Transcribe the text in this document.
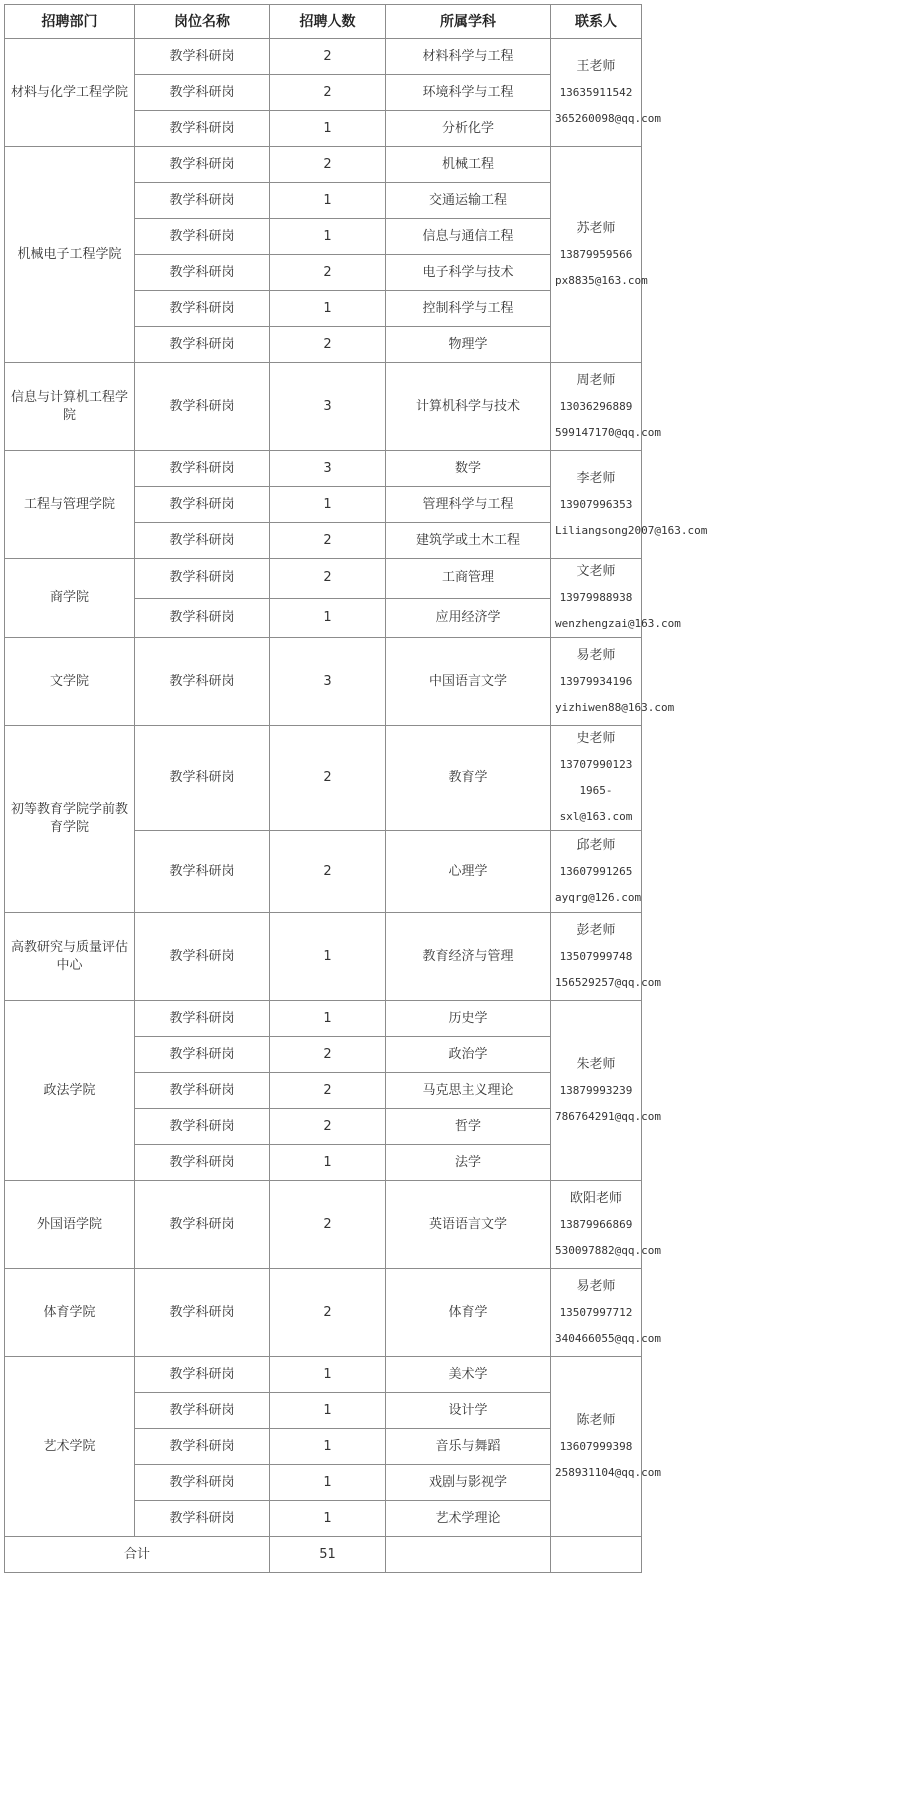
招聘部门	岗位名称	招聘人数	所属学科	联系人
材料与化学工程学院	教学科研岗	2	材料科学与工程	王老师
13635911542
365260098@qq.com

	教学科研岗	2	环境科学与工程	
	教学科研岗	1	分析化学	
机械电子工程学院	教学科研岗	2	机械工程	苏老师
13879959566
px8835@163.com

	教学科研岗	1	交通运输工程	
	教学科研岗	1	信息与通信工程	
	教学科研岗	2	电子科学与技术	
	教学科研岗	1	控制科学与工程	
	教学科研岗	2	物理学	
信息与计算机工程学院	教学科研岗	3	计算机科学与技术	周老师
13036296889
599147170@qq.com

工程与管理学院	教学科研岗	3	数学	李老师
13907996353
Liliangsong2007@163.com

	教学科研岗	1	管理科学与工程	
	教学科研岗	2	建筑学或土木工程	
商学院	教学科研岗	2	工商管理	文老师
13979988938
wenzhengzai@163.com

	教学科研岗	1	应用经济学	
文学院	教学科研岗	3	中国语言文学	易老师
13979934196
yizhiwen88@163.com

初等教育学院学前教育学院	教学科研岗	2	教育学	史老师
13707990123
1965-sxl@163.com

	教学科研岗	2	心理学	邱老师
13607991265
ayqrg@126.com

高教研究与质量评估中心	教学科研岗	1	教育经济与管理	彭老师
13507999748
156529257@qq.com

政法学院	教学科研岗	1	历史学	朱老师
13879993239
786764291@qq.com

	教学科研岗	2	政治学	
	教学科研岗	2	马克思主义理论	
	教学科研岗	2	哲学	
	教学科研岗	1	法学	
外国语学院	教学科研岗	2	英语语言文学	欧阳老师
13879966869
530097882@qq.com

体育学院	教学科研岗	2	体育学	易老师
13507997712
340466055@qq.com

艺术学院	教学科研岗	1	美术学	陈老师
13607999398
258931104@qq.com

	教学科研岗	1	设计学	
	教学科研岗	1	音乐与舞蹈	
	教学科研岗	1	戏剧与影视学	
	教学科研岗	1	艺术学理论	
合计		51		
